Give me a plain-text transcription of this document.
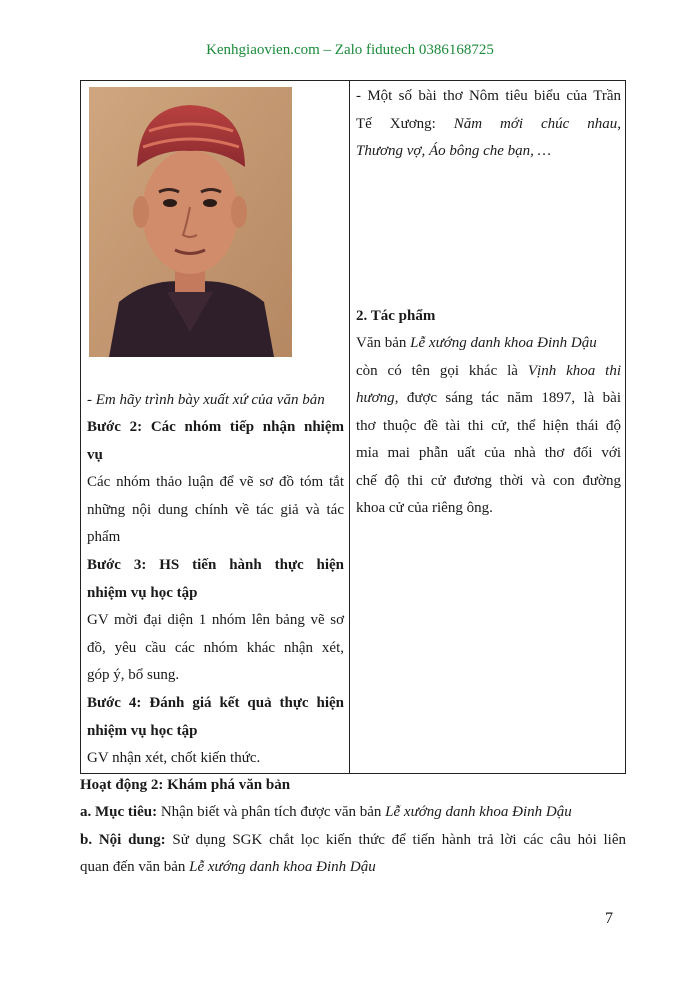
Kenhgiaovien.com – Zalo fidutech 0386168725
- Em hãy trình bày xuất xứ của văn bản
Bước 2: Các nhóm tiếp nhận nhiệm
vụ
Các nhóm thảo luận để vẽ sơ đồ tóm tắt
những nội dung chính về tác giả và tác
phẩm
Bước 3: HS tiến hành thực hiện
nhiệm vụ học tập
GV mời đại diện 1 nhóm lên bảng vẽ sơ
đồ, yêu cầu các nhóm khác nhận xét,
góp ý, bổ sung.
Bước 4: Đánh giá kết quả thực hiện
nhiệm vụ học tập
GV nhận xét, chốt kiến thức.
- Một số bài thơ Nôm tiêu biểu của Trần
Tế Xương: Năm mới chúc nhau,
Thương vợ, Áo bông che bạn, …
2. Tác phẩm
Văn bản Lễ xướng danh khoa Đinh Dậu
còn có tên gọi khác là Vịnh khoa thi
hương, được sáng tác năm 1897, là bài
thơ thuộc đề tài thi cử, thể hiện thái độ
mỉa mai phẫn uất của nhà thơ đối với
chế độ thi cử đương thời và con đường
khoa cử của riêng ông.
Hoạt động 2: Khám phá văn bản
a. Mục tiêu: Nhận biết và phân tích được văn bản Lễ xướng danh khoa Đinh Dậu
b. Nội dung: Sử dụng SGK chắt lọc kiến thức để tiến hành trả lời các câu hỏi liên
quan đến văn bản Lễ xướng danh khoa Đinh Dậu
7
